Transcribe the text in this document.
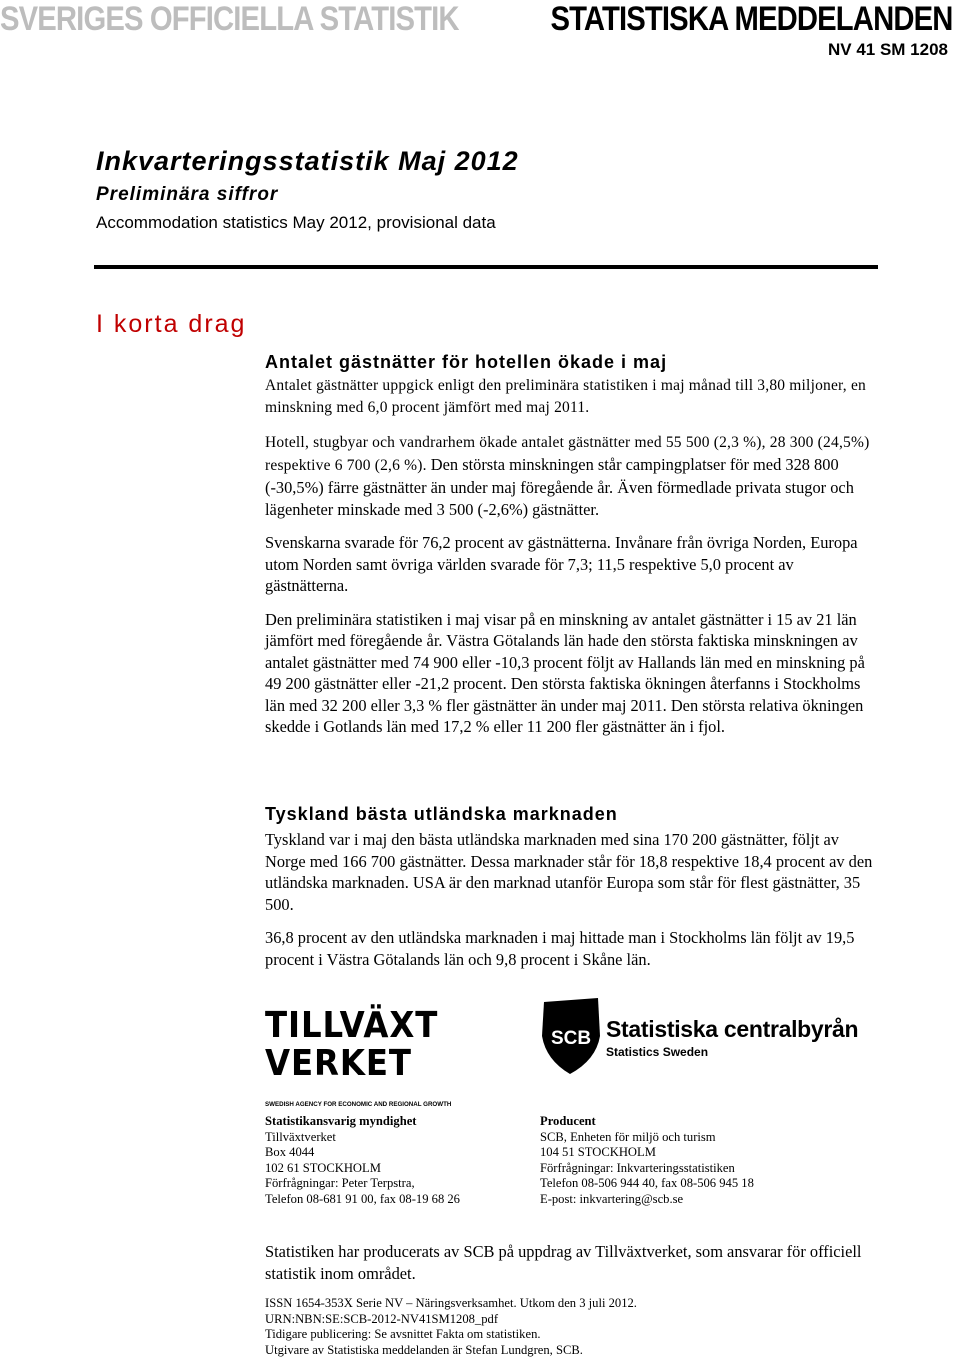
SVERIGES OFFICIELLA STATISTIK	STATISTISKA MEDDELANDEN
NV 41 SM 1208
Inkvarteringsstatistik Maj 2012
Preliminära siffror
Accommodation statistics May 2012, provisional data
I korta drag
Antalet gästnätter för hotellen ökade i maj

Antalet gästnätter uppgick enligt den preliminära statistiken i maj månad till 3,80 miljoner, en minskning med 6,0 procent jämfört med maj 2011.

Hotell, stugbyar och vandrarhem ökade antalet gästnätter med 55 500 (2,3 %), 28 300 (24,5%) respektive 6 700 (2,6 %). Den största minskningen står campingplatser för med 328 800 (-30,5%) färre gästnätter än under maj föregående år. Även förmedlade privata stugor och lägenheter minskade med 3 500 (-2,6%) gästnätter.

Svenskarna svarade för 76,2 procent av gästnätterna. Invånare från övriga Norden, Europa utom Norden samt övriga världen svarade för 7,3; 11,5 respektive 5,0 procent av gästnätterna.

Den preliminära statistiken i maj visar på en minskning av antalet gästnätter i 15 av 21 län jämfört med föregående år. Västra Götalands län hade den största faktiska minskningen av antalet gästnätter med 74 900 eller -10,3 procent följt av Hallands län med en minskning på 49 200 gästnätter eller -21,2 procent. Den största faktiska ökningen återfanns i Stockholms län med 32 200 eller 3,3 % fler gästnätter än under maj 2011. Den största relativa ökningen skedde i Gotlands län med 17,2 % eller 11 200 fler gästnätter än i fjol.

Tyskland bästa utländska marknaden

Tyskland var i maj den bästa utländska marknaden med sina 170 200 gästnätter, följt av Norge med 166 700 gästnätter. Dessa marknader står för 18,8 respektive 18,4 procent av den utländska marknaden. USA är den marknad utanför Europa som står för flest gästnätter, 35 500.

36,8 procent av den utländska marknaden i maj hittade man i Stockholms län följt av 19,5 procent i Västra Götalands län och 9,8 procent i Skåne län.

TILLVÄXT
VERKET
SWEDISH AGENCY FOR ECONOMIC AND REGIONAL GROWTH
SCB Statistiska centralbyrån
Statistics Sweden
Statistikansvarig myndighet
Tillväxtverket
Box 4044
102 61 STOCKHOLM
Förfrågningar: Peter Terpstra,
Telefon 08-681 91 00, fax 08-19 68 26
Producent
SCB, Enheten för miljö och turism
104 51 STOCKHOLM
Förfrågningar: Inkvarteringsstatistiken
Telefon 08-506 944 40, fax 08-506 945 18
E-post: inkvartering@scb.se
Statistiken har producerats av SCB på uppdrag av Tillväxtverket, som ansvarar för officiell statistik inom området.
ISSN 1654-353X Serie NV – Näringsverksamhet. Utkom den 3 juli 2012.
URN:NBN:SE:SCB-2012-NV41SM1208_pdf
Tidigare publicering: Se avsnittet Fakta om statistiken.
Utgivare av Statistiska meddelanden är Stefan Lundgren, SCB.
